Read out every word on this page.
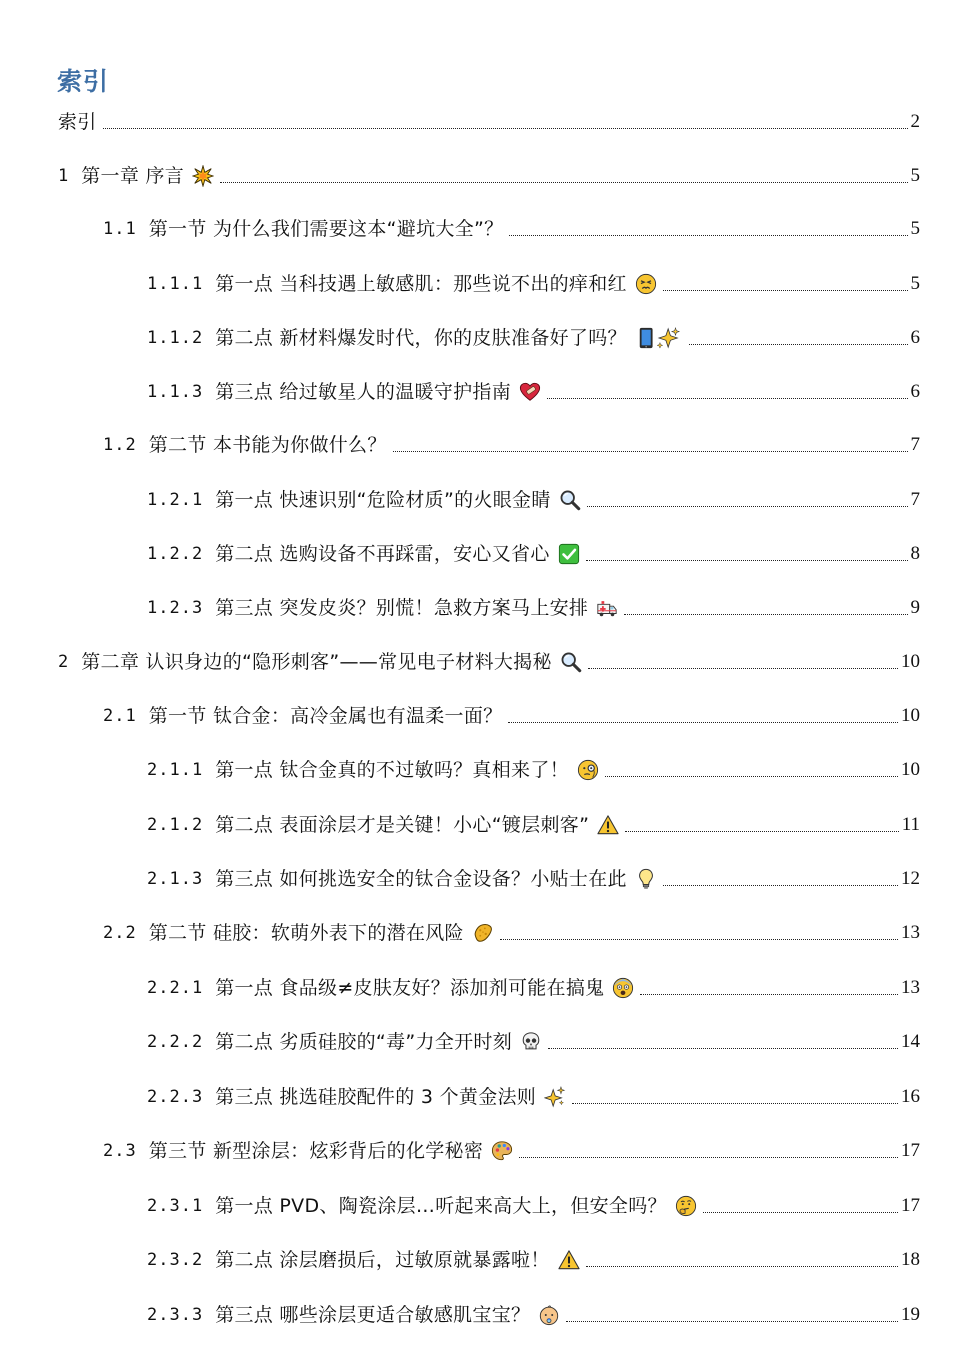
索引
索引	2
1 第一章 序言	5
1.1 第一节 为什么我们需要这本“避坑大全”？	5
1.1.1 第一点 当科技遇上敏感肌：那些说不出的痒和红	5
1.1.2 第二点 新材料爆发时代，你的皮肤准备好了吗？	6
1.1.3 第三点 给过敏星人的温暖守护指南	6
1.2 第二节 本书能为你做什么？	7
1.2.1 第一点 快速识别“危险材质”的火眼金睛	7
1.2.2 第二点 选购设备不再踩雷，安心又省心	8
1.2.3 第三点 突发皮炎？别慌！急救方案马上安排	9
2 第二章 认识身边的“隐形刺客”——常见电子材料大揭秘	10
2.1 第一节 钛合金：高冷金属也有温柔一面？	10
2.1.1 第一点 钛合金真的不过敏吗？真相来了！	10
2.1.2 第二点 表面涂层才是关键！小心“镀层刺客”	11
2.1.3 第三点 如何挑选安全的钛合金设备？小贴士在此	12
2.2 第二节 硅胶：软萌外表下的潜在风险	13
2.2.1 第一点 食品级≠皮肤友好？添加剂可能在搞鬼	13
2.2.2 第二点 劣质硅胶的“毒”力全开时刻	14
2.2.3 第三点 挑选硅胶配件的 3 个黄金法则	16
2.3 第三节 新型涂层：炫彩背后的化学秘密	17
2.3.1 第一点 PVD、陶瓷涂层…听起来高大上，但安全吗？	17
2.3.2 第二点 涂层磨损后，过敏原就暴露啦！	18
2.3.3 第三点 哪些涂层更适合敏感肌宝宝？	19
